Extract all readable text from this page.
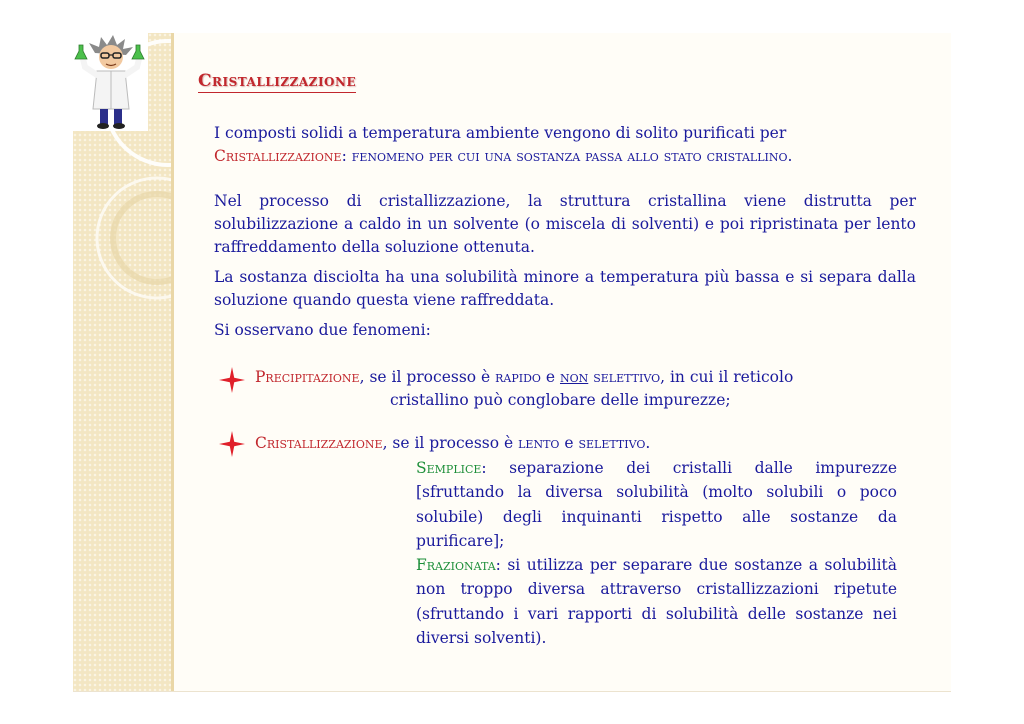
Cristallizzazione

I composti solidi a temperatura ambiente vengono di solito purificati per
Cristallizzazione: fenomeno per cui una sostanza passa allo stato cristallino.

Nel processo di cristallizzazione, la struttura cristallina viene distrutta per solubilizzazione a caldo in un solvente (o miscela di solventi) e poi ripristinata per lento raffreddamento della soluzione ottenuta.

La sostanza disciolta ha una solubilità minore a temperatura più bassa e si separa dalla soluzione quando questa viene raffreddata.

Si osservano due fenomeni:

Precipitazione, se il processo è rapido e non selettivo, in cui il reticolo
cristallino può conglobare delle impurezze;

Cristallizzazione, se il processo è lento e selettivo.

Semplice: separazione dei cristalli dalle impurezze [sfruttando la diversa solubilità (molto solubili o poco solubile) degli inquinanti rispetto alle sostanze da purificare];

Frazionata: si utilizza per separare due sostanze a solubilità non troppo diversa attraverso cristallizzazioni ripetute (sfruttando i vari rapporti di solubilità delle sostanze nei diversi solventi).
